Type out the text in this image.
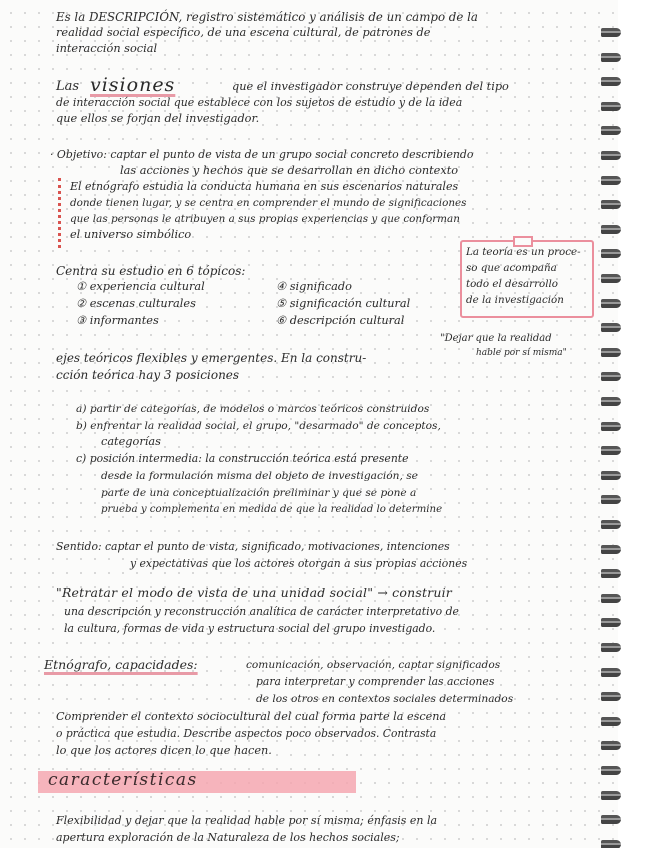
Es la DESCRIPCIÓN, registro sistemático y análisis de un campo de la
realidad social específico, de una escena cultural, de patrones de
interacción social
Las visiones	que el investigador construye dependen del tipo
de interacción social que establece con los sujetos de estudio y de la idea
que ellos se forjan del investigador.
· Objetivo: captar el punto de vista de un grupo social concreto describiendo
las acciones y hechos que se desarrollan en dicho contexto
El etnógrafo estudia la conducta humana en sus escenarios naturales
donde tienen lugar, y se centra en comprender el mundo de significaciones
que las personas le atribuyen a sus propias experiencias y que conforman
el universo simbólico
Centra su estudio en 6 tópicos:
① experiencia cultural	④ significado
② escenas culturales	⑤ significación cultural
③ informantes	⑥ descripción cultural
La teoría es un proce-
so que acompaña
todo el desarrollo
de la investigación
"Dejar que la realidad
hable por sí misma"
ejes teóricos flexibles y emergentes. En la constru-
cción teórica hay 3 posiciones
a) partir de categorías, de modelos o marcos teóricos construidos
b) enfrentar la realidad social, el grupo, "desarmado" de conceptos,
categorías
c) posición intermedia: la construcción teórica está presente
desde la formulación misma del objeto de investigación, se
parte de una conceptualización preliminar y que se pone a
prueba y complementa en medida de que la realidad lo determine
Sentido: captar el punto de vista, significado, motivaciones, intenciones
y expectativas que los actores otorgan a sus propias acciones
"Retratar el modo de vista de una unidad social" → construir
una descripción y reconstrucción analítica de carácter interpretativo de
la cultura, formas de vida y estructura social del grupo investigado.
Etnógrafo, capacidades:	comunicación, observación, captar significados
para interpretar y comprender las acciones
de los otros en contextos sociales determinados
Comprender el contexto sociocultural del cual forma parte la escena
o práctica que estudia. Describe aspectos poco observados. Contrasta
lo que los actores dicen lo que hacen.
características
Flexibilidad y dejar que la realidad hable por sí misma; énfasis en la
apertura exploración de la Naturaleza de los hechos sociales;
